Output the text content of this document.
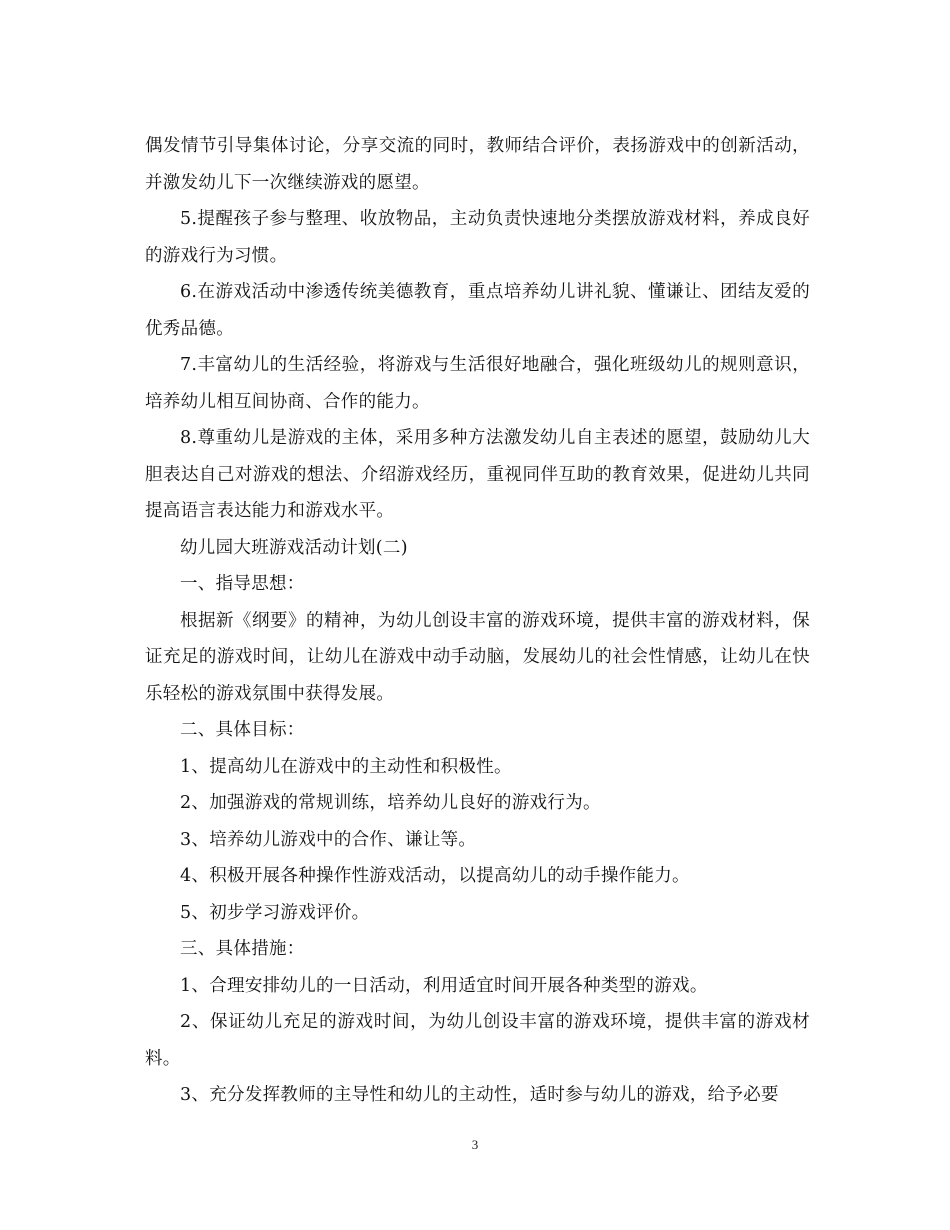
偶发情节引导集体讨论，分享交流的同时，教师结合评价，表扬游戏中的创新活动，并激发幼儿下一次继续游戏的愿望。

5.提醒孩子参与整理、收放物品，主动负责快速地分类摆放游戏材料，养成良好的游戏行为习惯。

6.在游戏活动中渗透传统美德教育，重点培养幼儿讲礼貌、懂谦让、团结友爱的优秀品德。

7.丰富幼儿的生活经验，将游戏与生活很好地融合，强化班级幼儿的规则意识，培养幼儿相互间协商、合作的能力。

8.尊重幼儿是游戏的主体，采用多种方法激发幼儿自主表述的愿望，鼓励幼儿大胆表达自己对游戏的想法、介绍游戏经历，重视同伴互助的教育效果，促进幼儿共同提高语言表达能力和游戏水平。

幼儿园大班游戏活动计划(二)

一、指导思想：

根据新《纲要》的精神，为幼儿创设丰富的游戏环境，提供丰富的游戏材料，保证充足的游戏时间，让幼儿在游戏中动手动脑，发展幼儿的社会性情感，让幼儿在快乐轻松的游戏氛围中获得发展。

二、具体目标：

1、提高幼儿在游戏中的主动性和积极性。

2、加强游戏的常规训练，培养幼儿良好的游戏行为。

3、培养幼儿游戏中的合作、谦让等。

4、积极开展各种操作性游戏活动，以提高幼儿的动手操作能力。

5、初步学习游戏评价。

三、具体措施：

1、合理安排幼儿的一日活动，利用适宜时间开展各种类型的游戏。

2、保证幼儿充足的游戏时间，为幼儿创设丰富的游戏环境，提供丰富的游戏材料。

3、充分发挥教师的主导性和幼儿的主动性，适时参与幼儿的游戏，给予必要

3
